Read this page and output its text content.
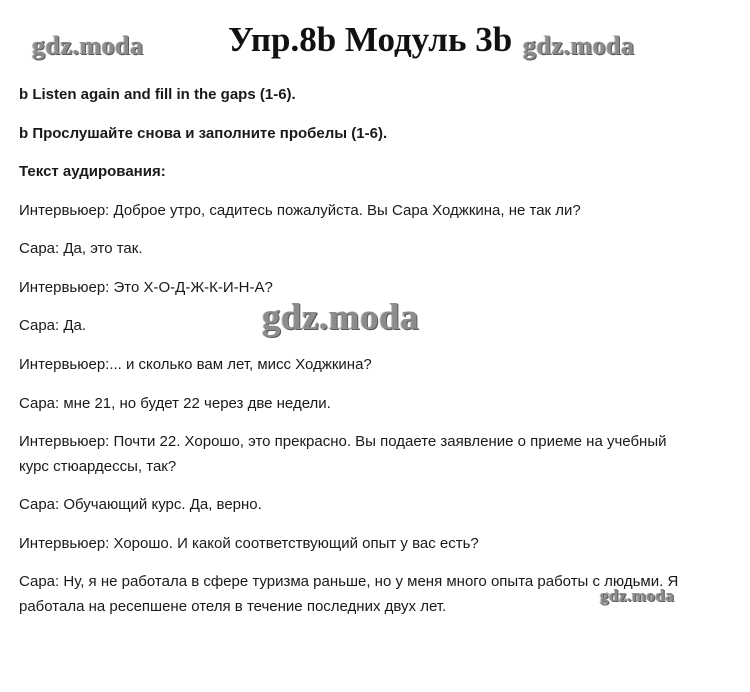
Упр.8b Модуль 3b
gdz.moda	gdz.moda
b Listen again and fill in the gaps (1-6).
b Прослушайте снова и заполните пробелы (1-6).
Текст аудирования:
Интервьюер: Доброе утро, садитесь пожалуйста. Вы Сара Ходжкина, не так ли?
Сара: Да, это так.
Интервьюер: Это Х-О-Д-Ж-К-И-Н-А?
Сара: Да.
Интервьюер:... и сколько вам лет, мисс Ходжкина?
Сара: мне 21, но будет 22 через две недели.
Интервьюер: Почти 22. Хорошо, это прекрасно. Вы подаете заявление о приеме на учебный курс стюардессы, так?
Сара: Обучающий курс. Да, верно.
Интервьюер: Хорошо. И какой соответствующий опыт у вас есть?
Сара: Ну, я не работала в сфере туризма раньше, но у меня много опыта работы с людьми. Я работала на ресепшене отеля в течение последних двух лет.
gdz.moda
gdz.moda
